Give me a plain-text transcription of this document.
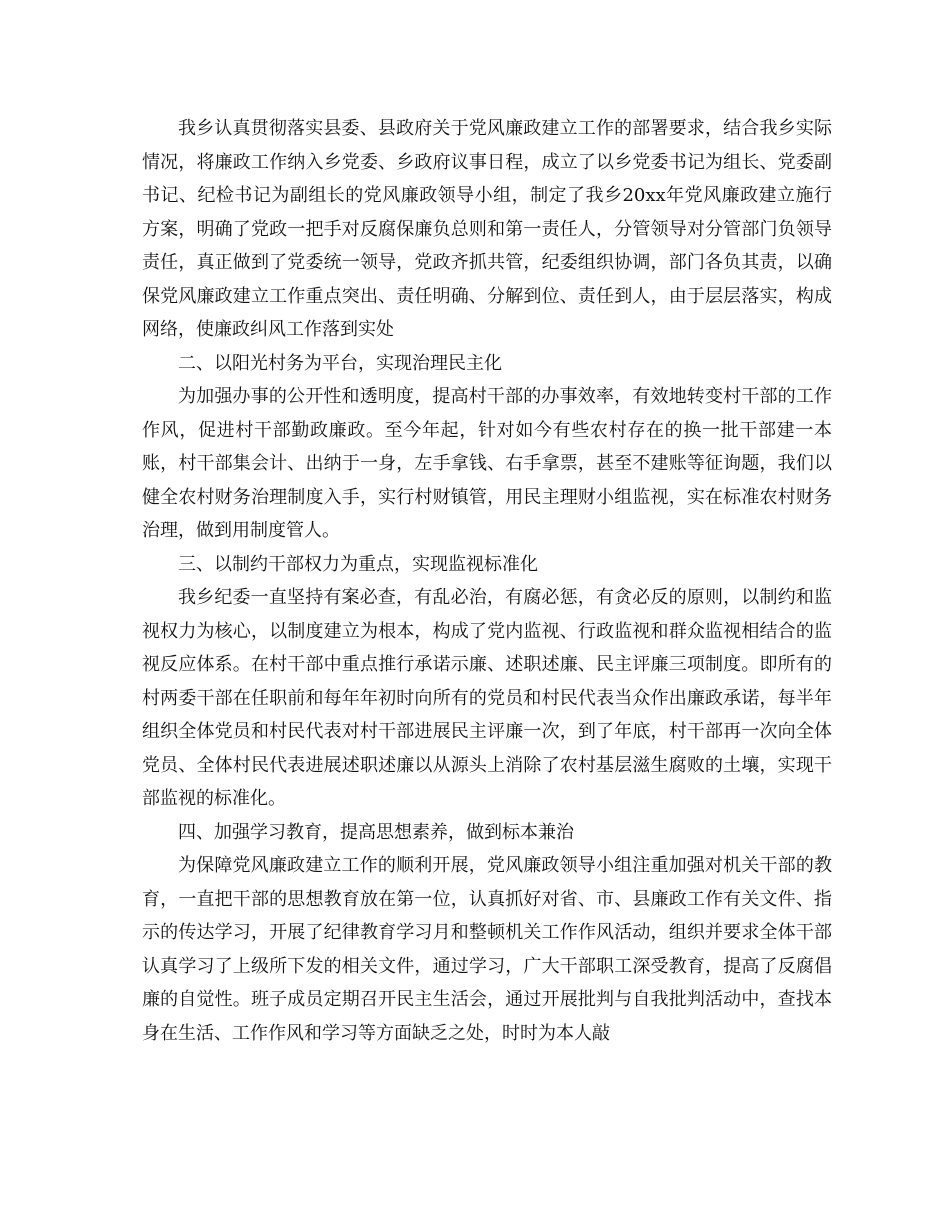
我乡认真贯彻落实县委、县政府关于党风廉政建立工作的部署要求，结合我乡实际情况，将廉政工作纳入乡党委、乡政府议事日程，成立了以乡党委书记为组长、党委副书记、纪检书记为副组长的党风廉政领导小组，制定了我乡20xx年党风廉政建立施行方案，明确了党政一把手对反腐保廉负总则和第一责任人，分管领导对分管部门负领导责任，真正做到了党委统一领导，党政齐抓共管，纪委组织协调，部门各负其责，以确保党风廉政建立工作重点突出、责任明确、分解到位、责任到人，由于层层落实，构成网络，使廉政纠风工作落到实处

二、以阳光村务为平台，实现治理民主化

为加强办事的公开性和透明度，提高村干部的办事效率，有效地转变村干部的工作作风，促进村干部勤政廉政。至今年起，针对如今有些农村存在的换一批干部建一本账，村干部集会计、出纳于一身，左手拿钱、右手拿票，甚至不建账等征询题，我们以健全农村财务治理制度入手，实行村财镇管，用民主理财小组监视，实在标准农村财务治理，做到用制度管人。

三、以制约干部权力为重点，实现监视标准化

我乡纪委一直坚持有案必查，有乱必治，有腐必惩，有贪必反的原则，以制约和监视权力为核心，以制度建立为根本，构成了党内监视、行政监视和群众监视相结合的监视反应体系。在村干部中重点推行承诺示廉、述职述廉、民主评廉三项制度。即所有的村两委干部在任职前和每年年初时向所有的党员和村民代表当众作出廉政承诺，每半年组织全体党员和村民代表对村干部进展民主评廉一次，到了年底，村干部再一次向全体党员、全体村民代表进展述职述廉以从源头上消除了农村基层滋生腐败的土壤，实现干部监视的标准化。

四、加强学习教育，提高思想素养，做到标本兼治

为保障党风廉政建立工作的顺利开展，党风廉政领导小组注重加强对机关干部的教育，一直把干部的思想教育放在第一位，认真抓好对省、市、县廉政工作有关文件、指示的传达学习，开展了纪律教育学习月和整顿机关工作作风活动，组织并要求全体干部认真学习了上级所下发的相关文件，通过学习，广大干部职工深受教育，提高了反腐倡廉的自觉性。班子成员定期召开民主生活会，通过开展批判与自我批判活动中，查找本身在生活、工作作风和学习等方面缺乏之处，时时为本人敲
